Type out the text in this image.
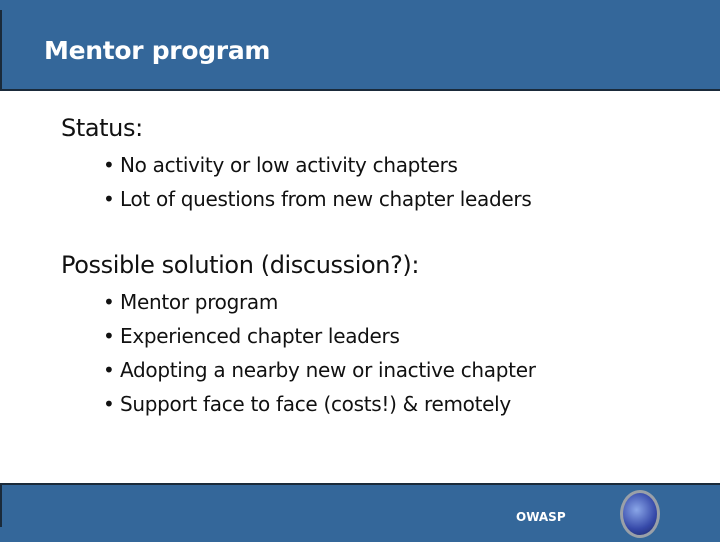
Mentor program
Status:
• No activity or low activity chapters
• Lot of questions from new chapter leaders
Possible solution (discussion?):
• Mentor program
• Experienced chapter leaders
• Adopting a nearby new or inactive chapter
• Support face to face (costs!) & remotely
OWASP
